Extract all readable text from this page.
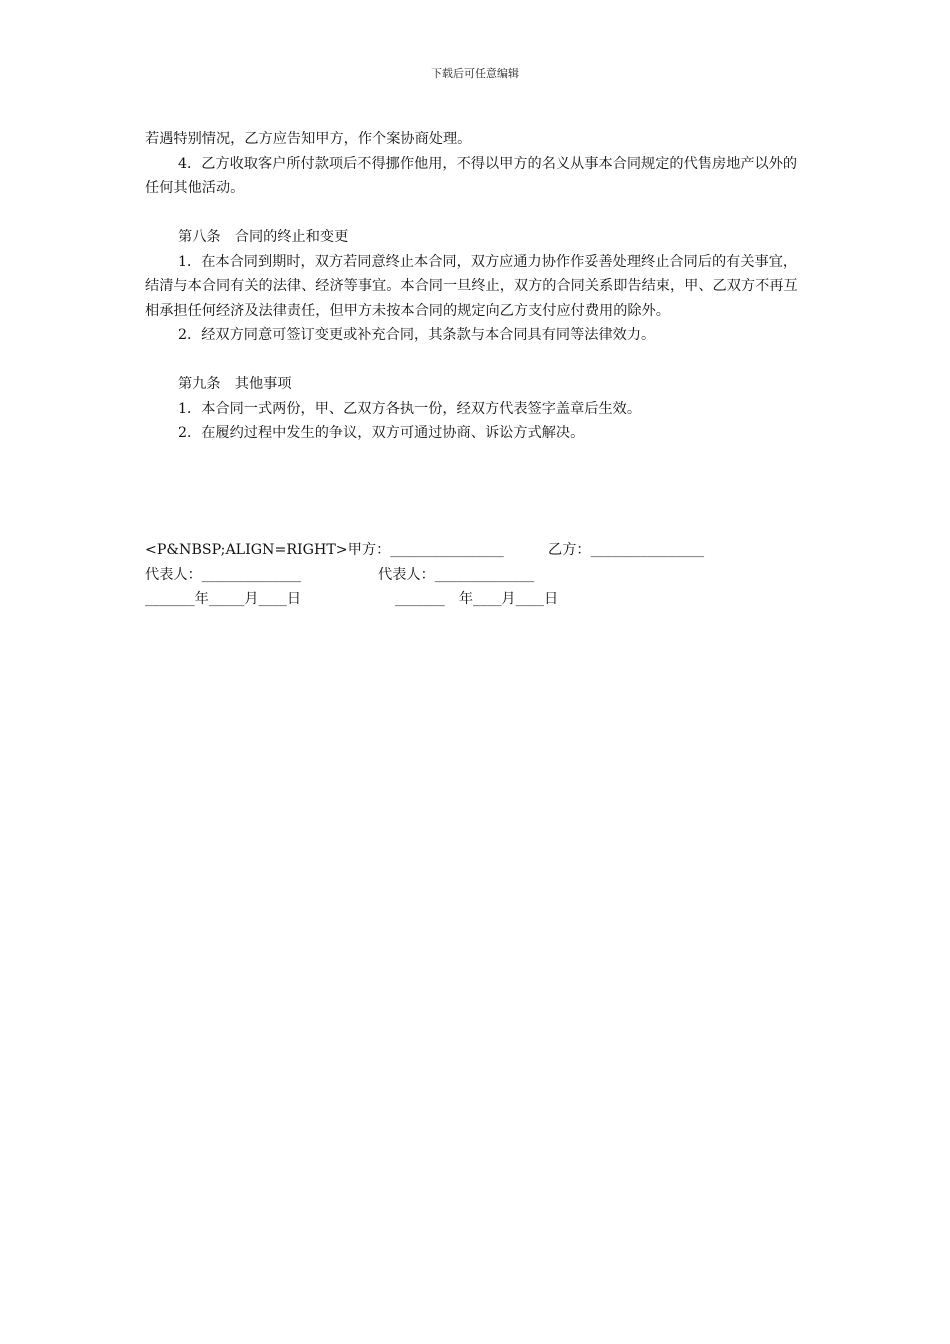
下载后可任意编辑

若遇特别情况，乙方应告知甲方，作个案协商处理。

4．乙方收取客户所付款项后不得挪作他用，不得以甲方的名义从事本合同规定的代售房地产以外的任何其他活动。

第八条　合同的终止和变更

1．在本合同到期时，双方若同意终止本合同，双方应通力协作作妥善处理终止合同后的有关事宜，结清与本合同有关的法律、经济等事宜。本合同一旦终止，双方的合同关系即告结束，甲、乙双方不再互相承担任何经济及法律责任，但甲方未按本合同的规定向乙方支付应付费用的除外。

2．经双方同意可签订变更或补充合同，其条款与本合同具有同等法律效力。

第九条　其他事项

1．本合同一式两份，甲、乙双方各执一份，经双方代表签字盖章后生效。

2．在履约过程中发生的争议，双方可通过协商、诉讼方式解决。

<P&NBSP;ALIGN=RIGHT>甲方：________________	乙方：________________
代表人：______________	代表人：______________
_______年_____月____日	_______　年____月____日
